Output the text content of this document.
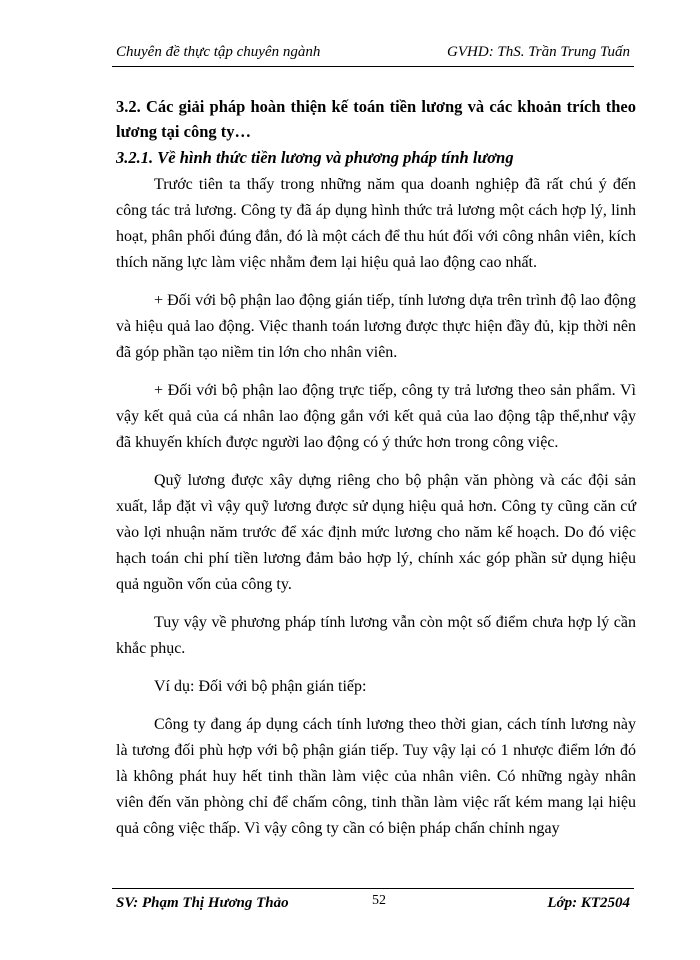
Chuyên đề thực tập chuyên ngành	GVHD: ThS. Trần Trung Tuấn

3.2. Các giải pháp hoàn thiện kế toán tiền lương và các khoản trích theo lương tại công ty…

3.2.1. Về hình thức tiền lương và phương pháp tính lương

Trước tiên ta thấy trong những năm qua doanh nghiệp đã rất chú ý đến công tác trả lương. Công ty đã áp dụng hình thức trả lương một cách hợp lý, linh hoạt, phân phối đúng đắn, đó là một cách để thu hút đối với công nhân viên, kích thích năng lực làm việc nhằm đem lại hiệu quả lao động cao nhất.

+ Đối với bộ phận lao động gián tiếp, tính lương dựa trên trình độ lao động và hiệu quả lao động. Việc thanh toán lương được thực hiện đầy đủ, kịp thời nên đã góp phần tạo niềm tin lớn cho nhân viên.

+ Đối với bộ phận lao động trực tiếp, công ty trả lương theo sản phẩm. Vì vậy kết quả của cá nhân lao động gắn với kết quả của lao động tập thể,như vậy đã khuyến khích được người lao động có ý thức hơn trong công việc.

Quỹ lương được xây dựng riêng cho bộ phận văn phòng và các đội sản xuất, lắp đặt vì vậy quỹ lương được sử dụng hiệu quả hơn. Công ty cũng căn cứ vào lợi nhuận năm trước để xác định mức lương cho năm kế hoạch. Do đó việc hạch toán chi phí tiền lương đảm bảo hợp lý, chính xác góp phần sử dụng hiệu quả nguồn vốn của công ty.

Tuy vậy về phương pháp tính lương vẫn còn một số điểm chưa hợp lý cần khắc phục.

Ví dụ: Đối với bộ phận gián tiếp:

Công ty đang áp dụng cách tính lương theo thời gian, cách tính lương này là tương đối phù hợp với bộ phận gián tiếp. Tuy vậy lại có 1 nhược điểm lớn đó là không phát huy hết tinh thần làm việc của nhân viên. Có những ngày nhân viên đến văn phòng chỉ để chấm công, tinh thần làm việc rất kém mang lại hiệu quả công việc thấp. Vì vậy công ty cần có biện pháp chấn chỉnh ngay

SV: Phạm Thị Hương Thảo	52	Lớp: KT2504
